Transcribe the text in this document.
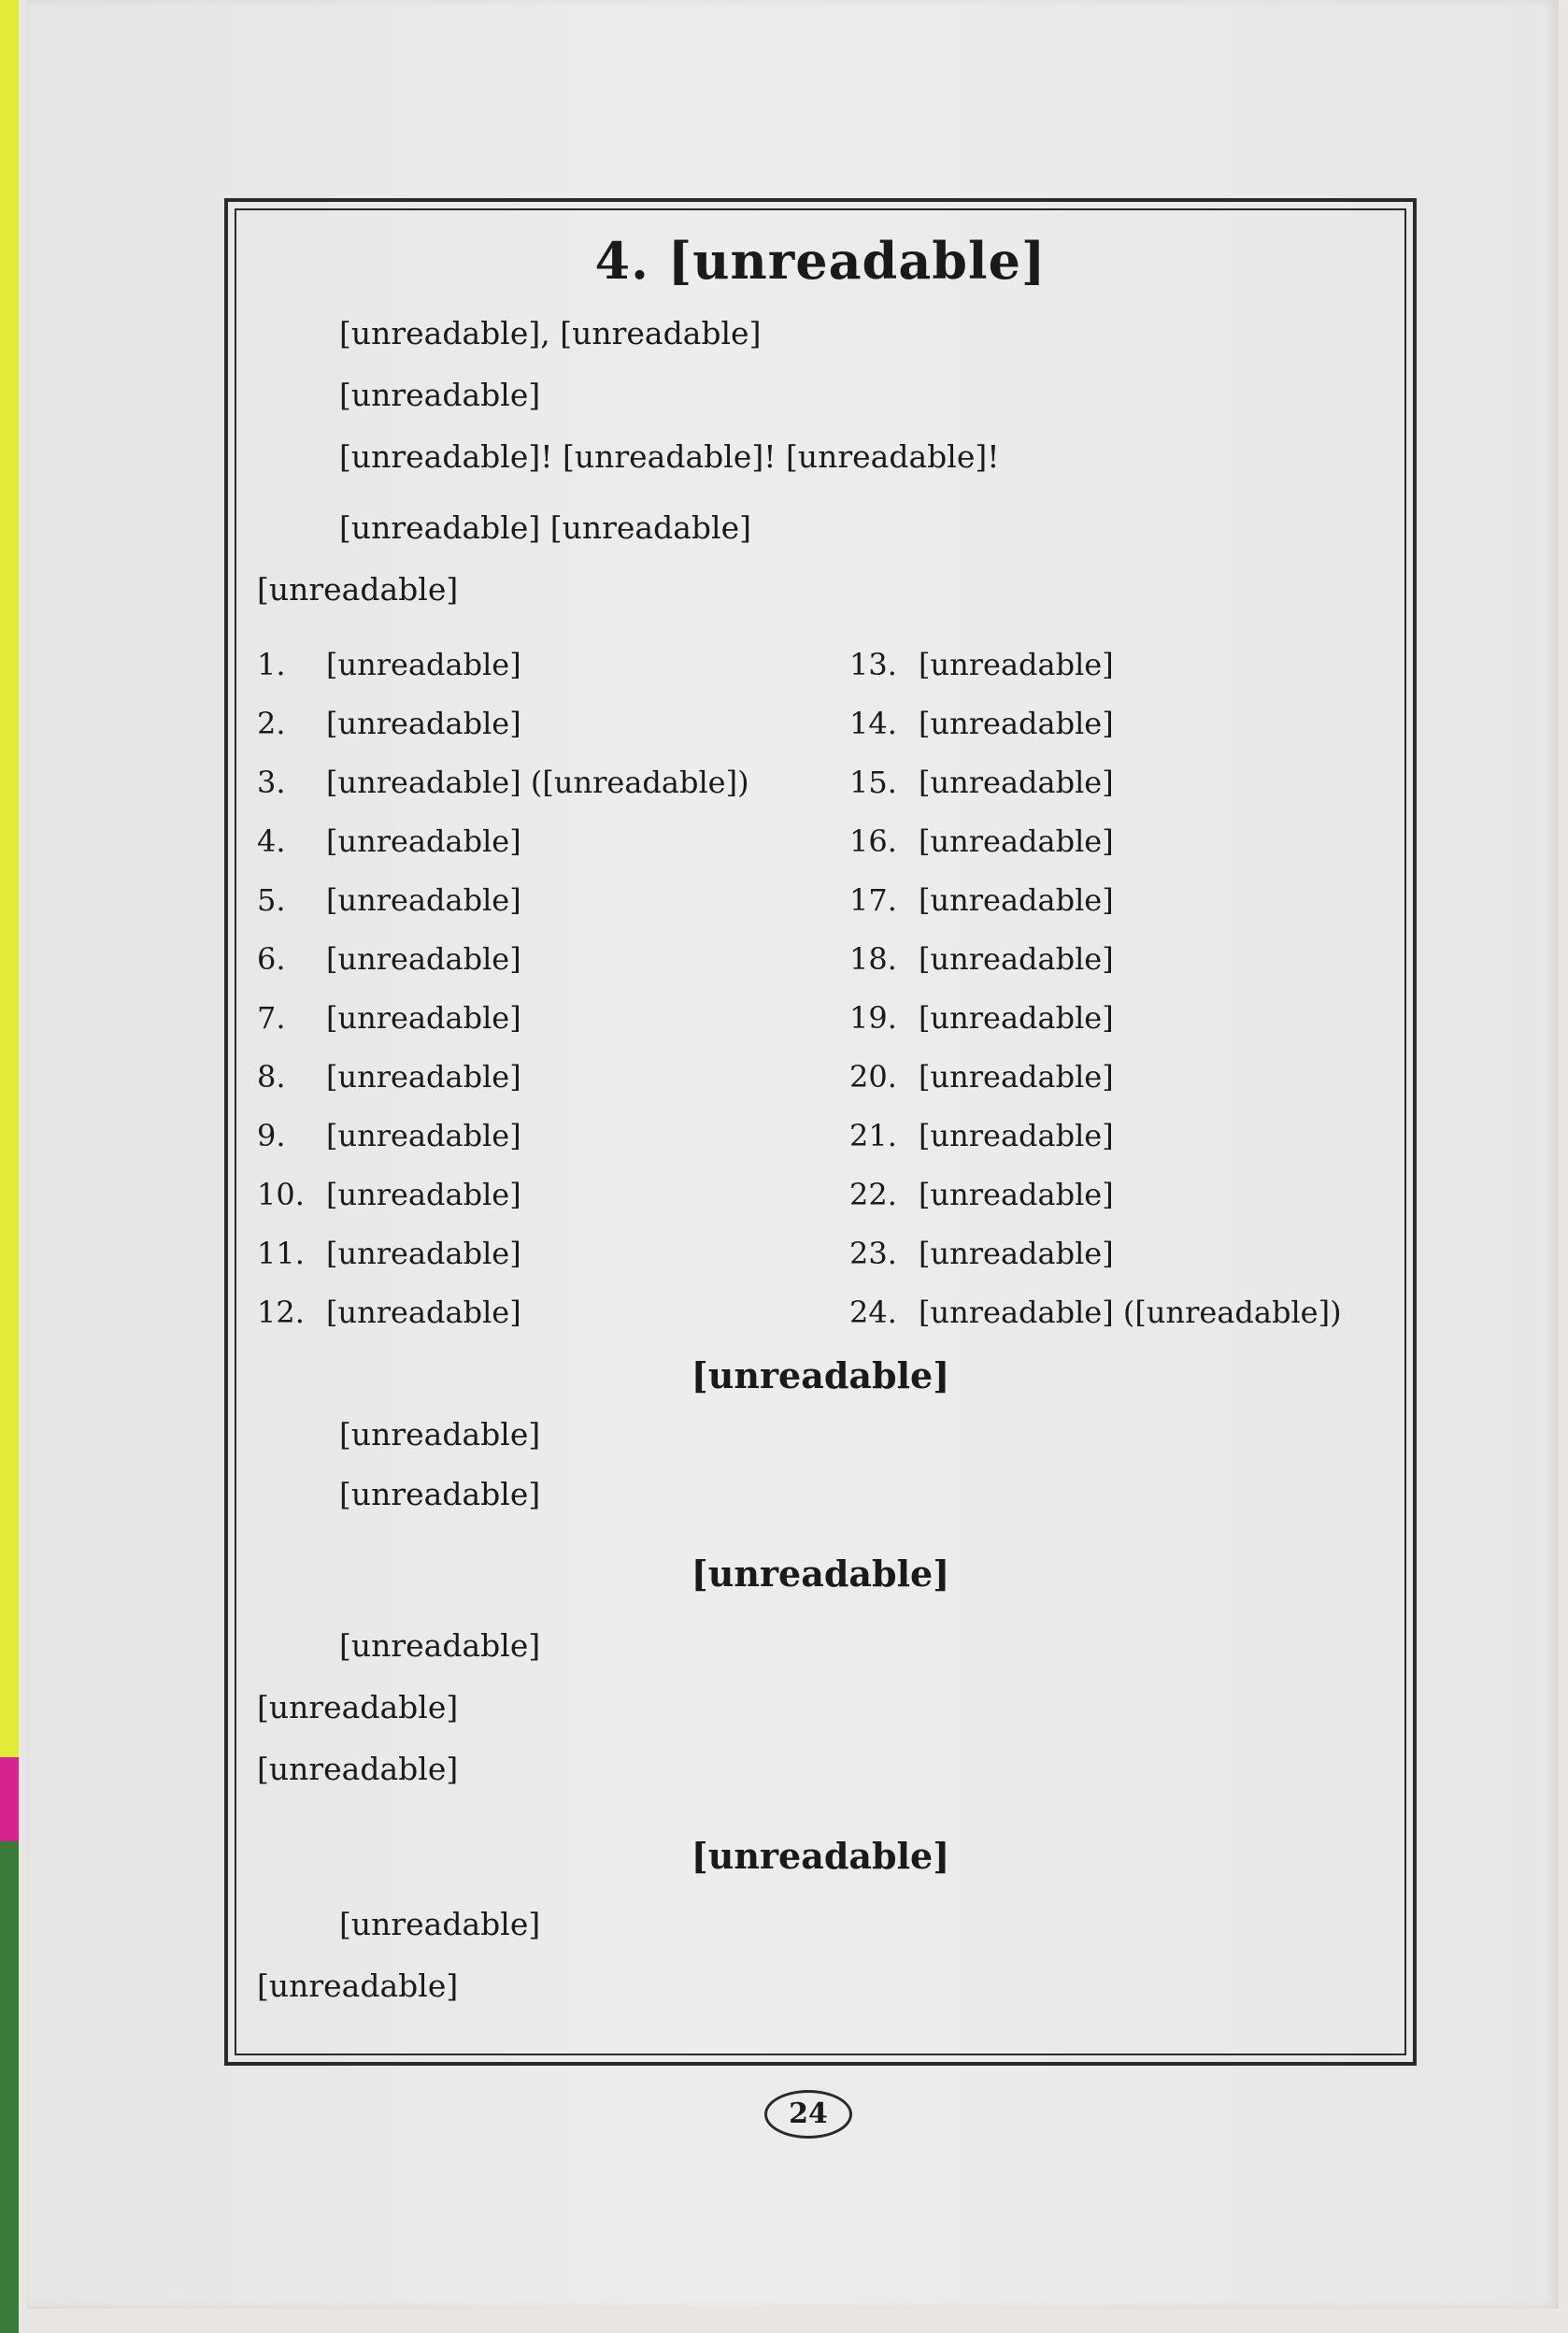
4. [unreadable]
[unreadable], [unreadable]
[unreadable]
[unreadable]! [unreadable]! [unreadable]!
[unreadable] [unreadable]
[unreadable]
1.	[unreadable]
2.	[unreadable]
3.	[unreadable] ([unreadable])
4.	[unreadable]
5.	[unreadable]
6.	[unreadable]
7.	[unreadable]
8.	[unreadable]
9.	[unreadable]
10. [unreadable]
11. [unreadable]
12. [unreadable]
13. [unreadable]
14. [unreadable]
15. [unreadable]
16. [unreadable]
17. [unreadable]
18. [unreadable]
19. [unreadable]
20. [unreadable]
21. [unreadable]
22. [unreadable]
23. [unreadable]
24. [unreadable] ([unreadable])
[unreadable]
[unreadable]
[unreadable]
[unreadable]
[unreadable]
[unreadable]
[unreadable]
[unreadable]
[unreadable]
[unreadable]
24
